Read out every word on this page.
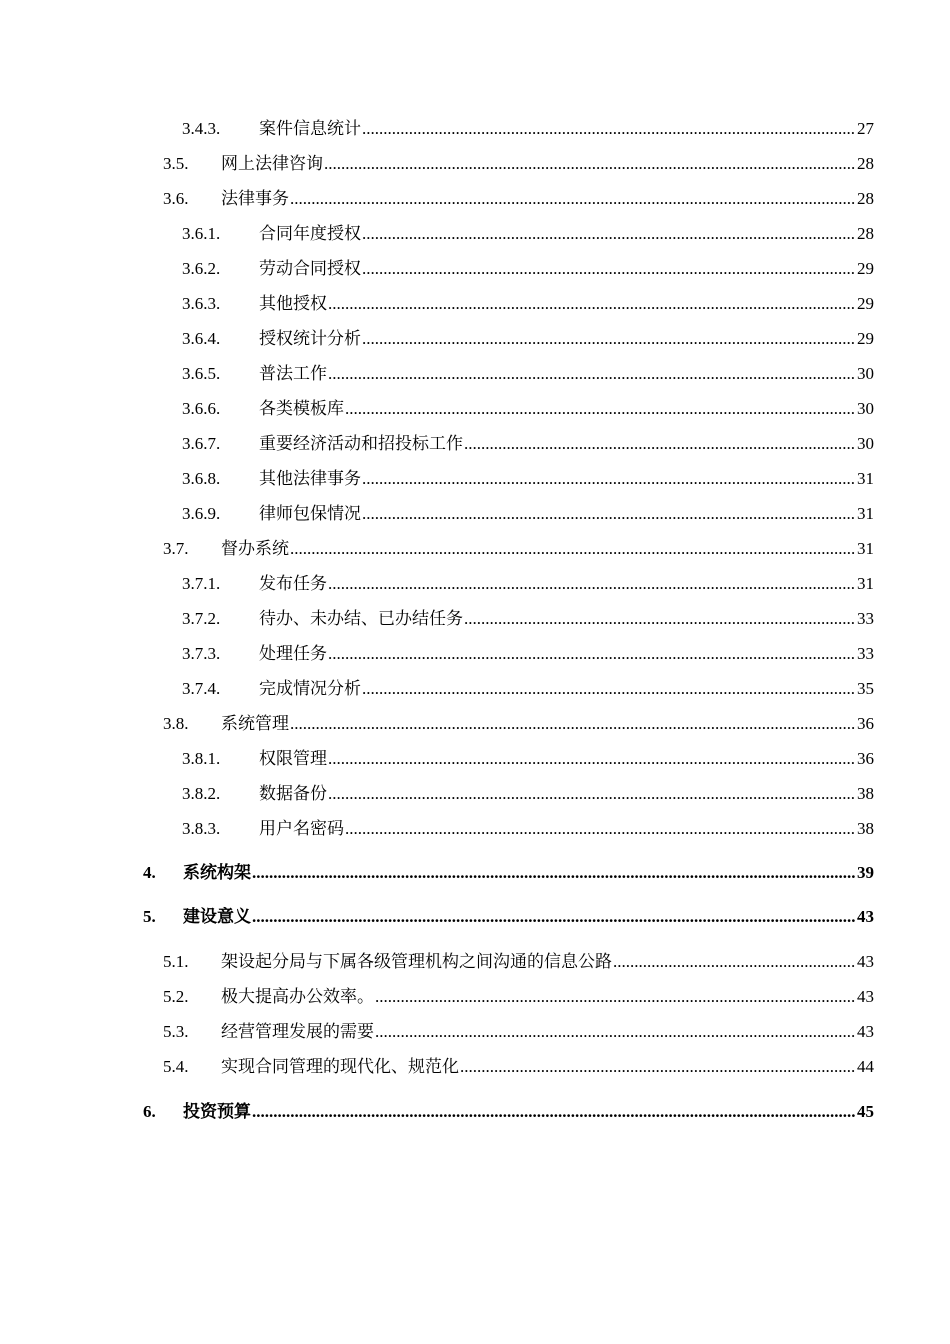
3.4.3.	案件信息统计 .....	27
3.5.	网上法律咨询 .....	28
3.6.	法律事务 .....	28
3.6.1.	合同年度授权 .....	28
3.6.2.	劳动合同授权 .....	29
3.6.3.	其他授权 .....	29
3.6.4.	授权统计分析 .....	29
3.6.5.	普法工作 .....	30
3.6.6.	各类模板库 .....	30
3.6.7.	重要经济活动和招投标工作 .....	30
3.6.8.	其他法律事务 .....	31
3.6.9.	律师包保情况 .....	31
3.7.	督办系统 .....	31
3.7.1.	发布任务 .....	31
3.7.2.	待办、未办结、已办结任务 .....	33
3.7.3.	处理任务 .....	33
3.7.4.	完成情况分析 .....	35
3.8.	系统管理 .....	36
3.8.1.	权限管理 .....	36
3.8.2.	数据备份 .....	38
3.8.3.	用户名密码 .....	38
4.	系统构架 .....	39
5.	建设意义 .....	43
5.1.	架设起分局与下属各级管理机构之间沟通的信息公路 .....	43
5.2.	极大提高办公效率。 .....	43
5.3.	经营管理发展的需要 .....	43
5.4.	实现合同管理的现代化、规范化 .....	44
6.	投资预算 .....	45
